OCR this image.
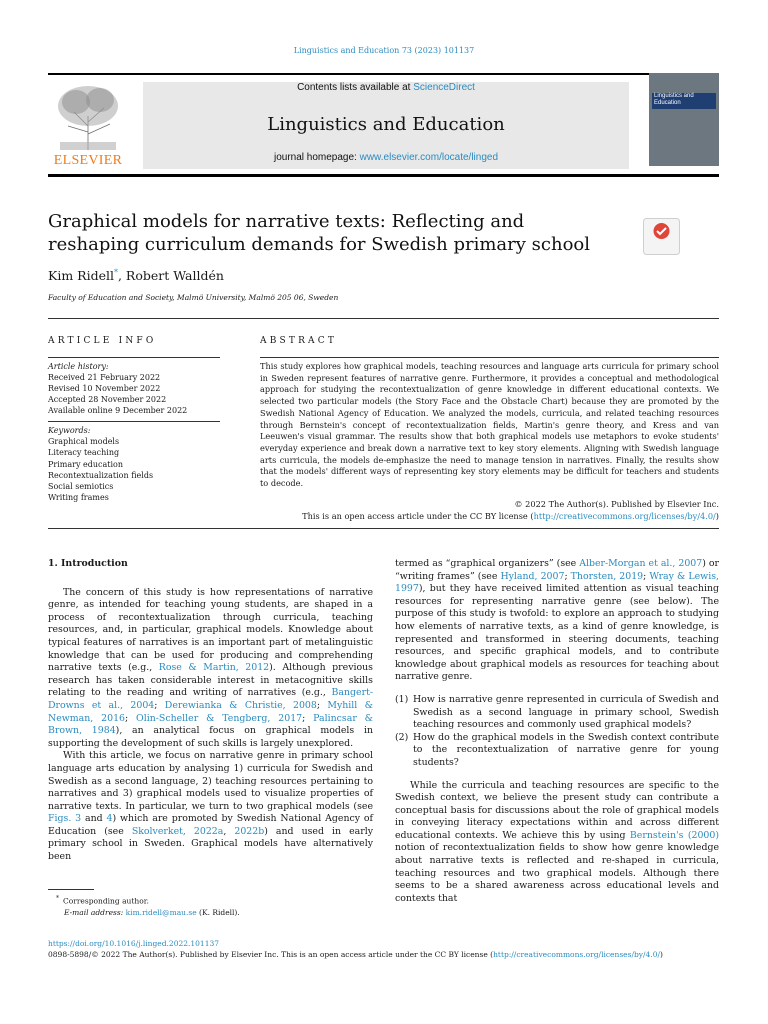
Linguistics and Education 73 (2023) 101137
ELSEVIER
Contents lists available at ScienceDirect
Linguistics and Education
journal homepage: www.elsevier.com/locate/linged
Linguistics and Education
Graphical models for narrative texts: Reflecting and reshaping curriculum demands for Swedish primary school
Kim Ridell*, Robert Walldén
Faculty of Education and Society, Malmö University, Malmö 205 06, Sweden
ARTICLE INFO	ABSTRACT
Article history:
Received 21 February 2022
Revised 10 November 2022
Accepted 28 November 2022
Available online 9 December 2022
Keywords:
Graphical models
Literacy teaching
Primary education
Recontextualization fields
Social semiotics
Writing frames
This study explores how graphical models, teaching resources and language arts curricula for primary school in Sweden represent features of narrative genre. Furthermore, it provides a conceptual and methodological approach for studying the recontextualization of genre knowledge in different educational contexts. We selected two particular models (the Story Face and the Obstacle Chart) because they are promoted by the Swedish National Agency of Education. We analyzed the models, curricula, and related teaching resources through Bernstein's concept of recontextualization fields, Martin's genre theory, and Kress and van Leeuwen's visual grammar. The results show that both graphical models use metaphors to evoke students' everyday experience and break down a narrative text to key story elements. Aligning with Swedish language arts curricula, the models de-emphasize the need to manage tension in narratives. Finally, the results show that the models' different ways of representing key story elements may be difficult for teachers and students to decode.
© 2022 The Author(s). Published by Elsevier Inc.
This is an open access article under the CC BY license (http://creativecommons.org/licenses/by/4.0/)
1. Introduction

The concern of this study is how representations of narrative genre, as intended for teaching young students, are shaped in a process of recontextualization through curricula, teaching resources, and, in particular, graphical models. Knowledge about typical features of narratives is an important part of metalinguistic knowledge that can be used for producing and comprehending narrative texts (e.g., Rose & Martin, 2012). Although previous research has taken considerable interest in metacognitive skills relating to the reading and writing of narratives (e.g., Bangert-Drowns et al., 2004; Derewianka & Christie, 2008; Myhill & Newman, 2016; Olin-Scheller & Tengberg, 2017; Palincsar & Brown, 1984), an analytical focus on graphical models in supporting the development of such skills is largely unexplored.

With this article, we focus on narrative genre in primary school language arts education by analysing 1) curricula for Swedish and Swedish as a second language, 2) teaching resources pertaining to narratives and 3) graphical models used to visualize properties of narrative texts. In particular, we turn to two graphical models (see Figs. 3 and 4) which are promoted by Swedish National Agency of Education (see Skolverket, 2022a, 2022b) and used in early primary school in Sweden. Graphical models have alternatively been

termed as “graphical organizers” (see Alber-Morgan et al., 2007) or “writing frames” (see Hyland, 2007; Thorsten, 2019; Wray & Lewis, 1997), but they have received limited attention as visual teaching resources for representing narrative genre (see below). The purpose of this study is twofold: to explore an approach to studying how elements of narrative texts, as a kind of genre knowledge, is represented and transformed in steering documents, teaching resources, and specific graphical models, and to contribute knowledge about graphical models as resources for teaching about narrative genre.

(1) How is narrative genre represented in curricula of Swedish and Swedish as a second language in primary school, Swedish teaching resources and commonly used graphical models?
(2) How do the graphical models in the Swedish context contribute to the recontextualization of narrative genre for young students?

While the curricula and teaching resources are specific to the Swedish context, we believe the present study can contribute a conceptual basis for discussions about the role of graphical models in conveying literacy expectations within and across different educational contexts. We achieve this by using Bernstein's (2000) notion of recontextualization fields to show how genre knowledge about narrative texts is reflected and re-shaped in curricula, teaching resources and two graphical models. Although there seems to be a shared awareness across educational levels and contexts that

* Corresponding author.
E-mail address: kim.ridell@mau.se (K. Ridell).
https://doi.org/10.1016/j.linged.2022.101137
0898-5898/© 2022 The Author(s). Published by Elsevier Inc. This is an open access article under the CC BY license (http://creativecommons.org/licenses/by/4.0/)
